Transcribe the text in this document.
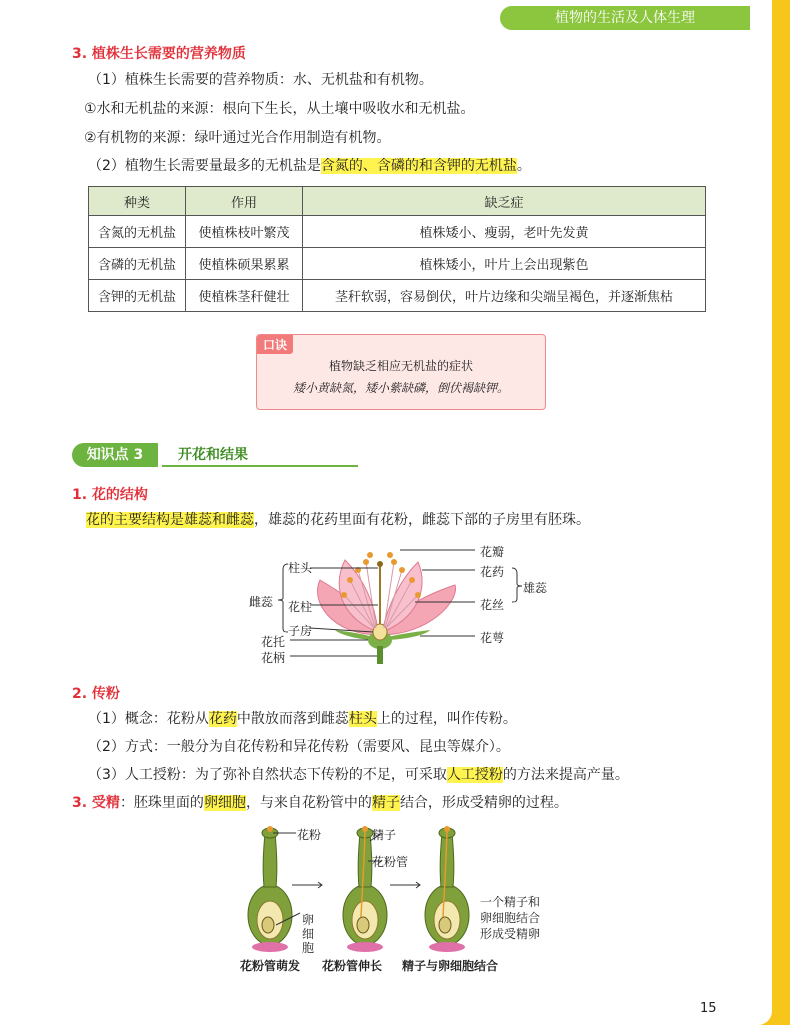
植物的生活及人体生理
3. 植株生长需要的营养物质
（1）植株生长需要的营养物质：水、无机盐和有机物。
①水和无机盐的来源：根向下生长，从土壤中吸收水和无机盐。
②有机物的来源：绿叶通过光合作用制造有机物。
（2）植物生长需要量最多的无机盐是含氮的、含磷的和含钾的无机盐。
种类	作用	缺乏症
含氮的无机盐	使植株枝叶繁茂	植株矮小、瘦弱，老叶先发黄
含磷的无机盐	使植株硕果累累	植株矮小，叶片上会出现紫色
含钾的无机盐	使植株茎秆健壮	茎秆软弱，容易倒伏，叶片边缘和尖端呈褐色，并逐渐焦枯
口诀
植物缺乏相应无机盐的症状
矮小黄缺氮，矮小紫缺磷，倒伏褐缺钾。
知识点 3	开花和结果
1. 花的结构
花的主要结构是雄蕊和雌蕊，雄蕊的花药里面有花粉，雌蕊下部的子房里有胚珠。
柱头
雌蕊 花柱
子房
花托
花柄
花瓣
花药
雄蕊
花丝
花萼
2. 传粉
（1）概念：花粉从花药中散放而落到雌蕊柱头上的过程，叫作传粉。
（2）方式：一般分为自花传粉和异花传粉（需要风、昆虫等媒介）。
（3）人工授粉：为了弥补自然状态下传粉的不足，可采取人工授粉的方法来提高产量。
3. 受精：胚珠里面的卵细胞，与来自花粉管中的精子结合，形成受精卵的过程。
花粉	精子
花粉管
卵
细
胞
一个精子和
卵细胞结合
形成受精卵
花粉管萌发 花粉管伸长 精子与卵细胞结合
15
